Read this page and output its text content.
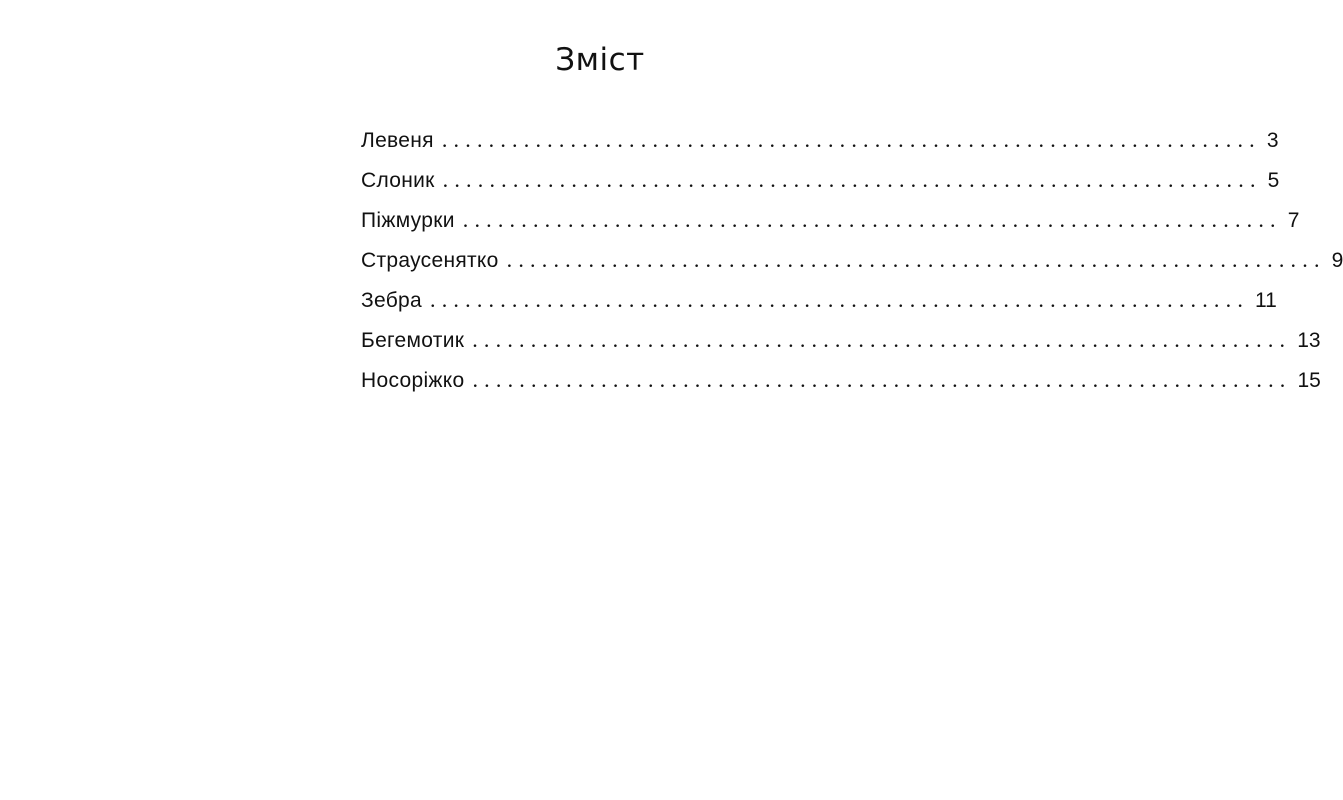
Зміст
Левеня ...................................................................... 3
Слоник ...................................................................... 5
Піжмурки ...................................................................... 7
Страусенятко ...................................................................... 9
Зебра ...................................................................... 11
Бегемотик ...................................................................... 13
Носоріжко ...................................................................... 15
